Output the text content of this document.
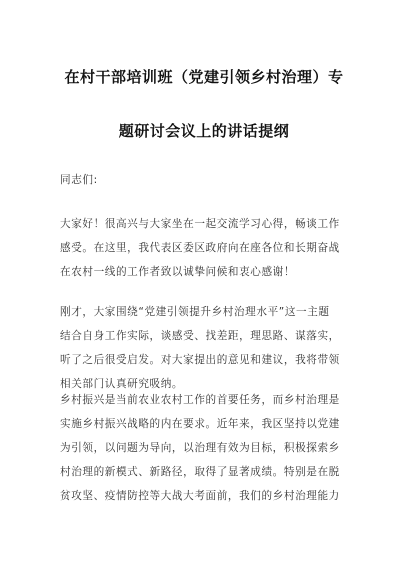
在村干部培训班（党建引领乡村治理）专
题研讨会议上的讲话提纲

同志们:

大家好！很高兴与大家坐在一起交流学习心得，畅谈工作
感受。在这里，我代表区委区政府向在座各位和长期奋战
在农村一线的工作者致以诚挚问候和衷心感谢！
刚才，大家围绕“党建引领提升乡村治理水平”这一主题
结合自身工作实际，谈感受、找差距，理思路、谋落实，
听了之后很受启发。对大家提出的意见和建议，我将带领
相关部门认真研究吸纳。
乡村振兴是当前农业农村工作的首要任务，而乡村治理是
实施乡村振兴战略的内在要求。近年来，我区坚持以党建
为引领，以问题为导向，以治理有效为目标，积极探索乡
村治理的新模式、新路径，取得了显著成绩。特别是在脱
贫攻坚、疫情防控等大战大考面前，我们的乡村治理能力
